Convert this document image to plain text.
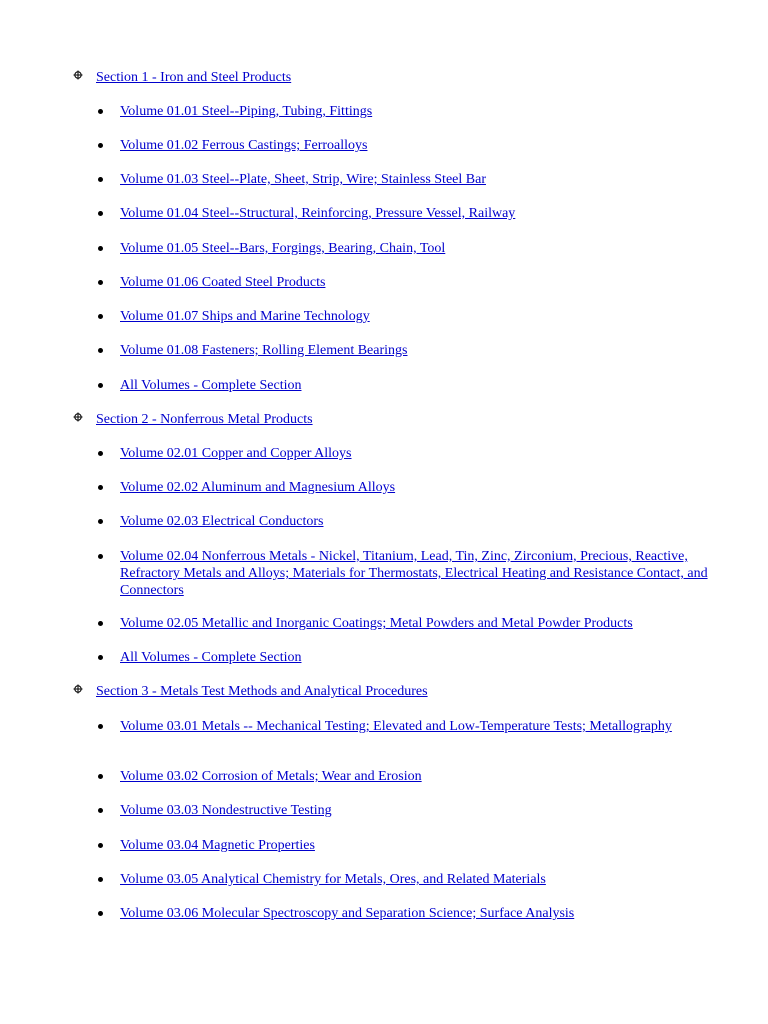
Section 1 - Iron and Steel Products
Volume 01.01 Steel--Piping, Tubing, Fittings
Volume 01.02 Ferrous Castings; Ferroalloys
Volume 01.03 Steel--Plate, Sheet, Strip, Wire; Stainless Steel Bar
Volume 01.04 Steel--Structural, Reinforcing, Pressure Vessel, Railway
Volume 01.05 Steel--Bars, Forgings, Bearing, Chain, Tool
Volume 01.06 Coated Steel Products
Volume 01.07 Ships and Marine Technology
Volume 01.08 Fasteners; Rolling Element Bearings
All Volumes - Complete Section
Section 2 - Nonferrous Metal Products
Volume 02.01 Copper and Copper Alloys
Volume 02.02 Aluminum and Magnesium Alloys
Volume 02.03 Electrical Conductors
Volume 02.04 Nonferrous Metals - Nickel, Titanium, Lead, Tin, Zinc, Zirconium, Precious, Reactive, Refractory Metals and Alloys; Materials for Thermostats, Electrical Heating and Resistance Contact, and Connectors
Volume 02.05 Metallic and Inorganic Coatings; Metal Powders and Metal Powder Products
All Volumes - Complete Section
Section 3 - Metals Test Methods and Analytical Procedures
Volume 03.01 Metals -- Mechanical Testing; Elevated and Low-Temperature Tests; Metallography
Volume 03.02 Corrosion of Metals; Wear and Erosion
Volume 03.03 Nondestructive Testing
Volume 03.04 Magnetic Properties
Volume 03.05 Analytical Chemistry for Metals, Ores, and Related Materials
Volume 03.06 Molecular Spectroscopy and Separation Science; Surface Analysis
